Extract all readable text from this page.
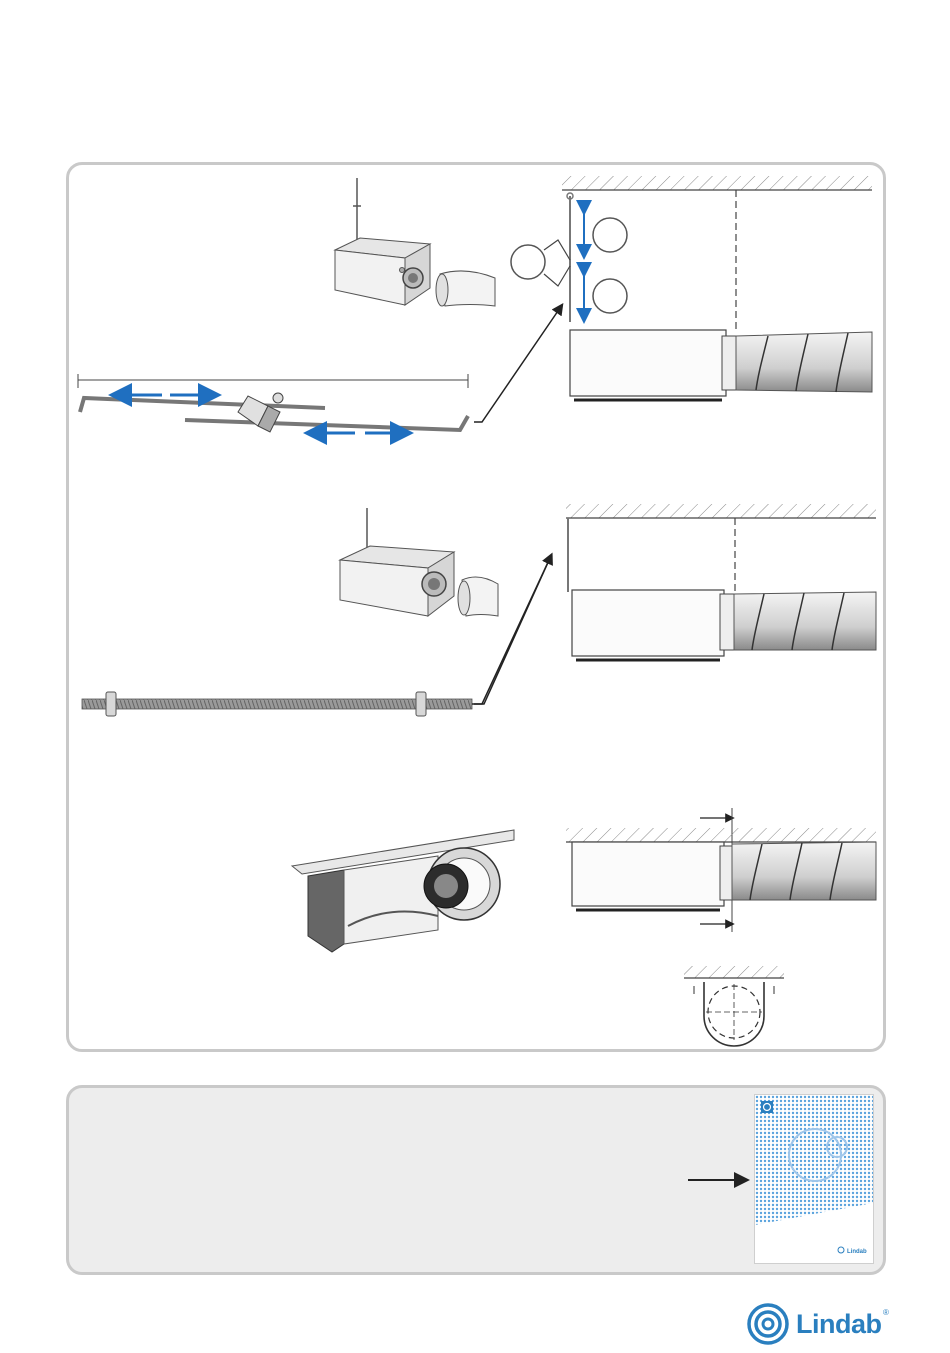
Lindab
Lindab ®
